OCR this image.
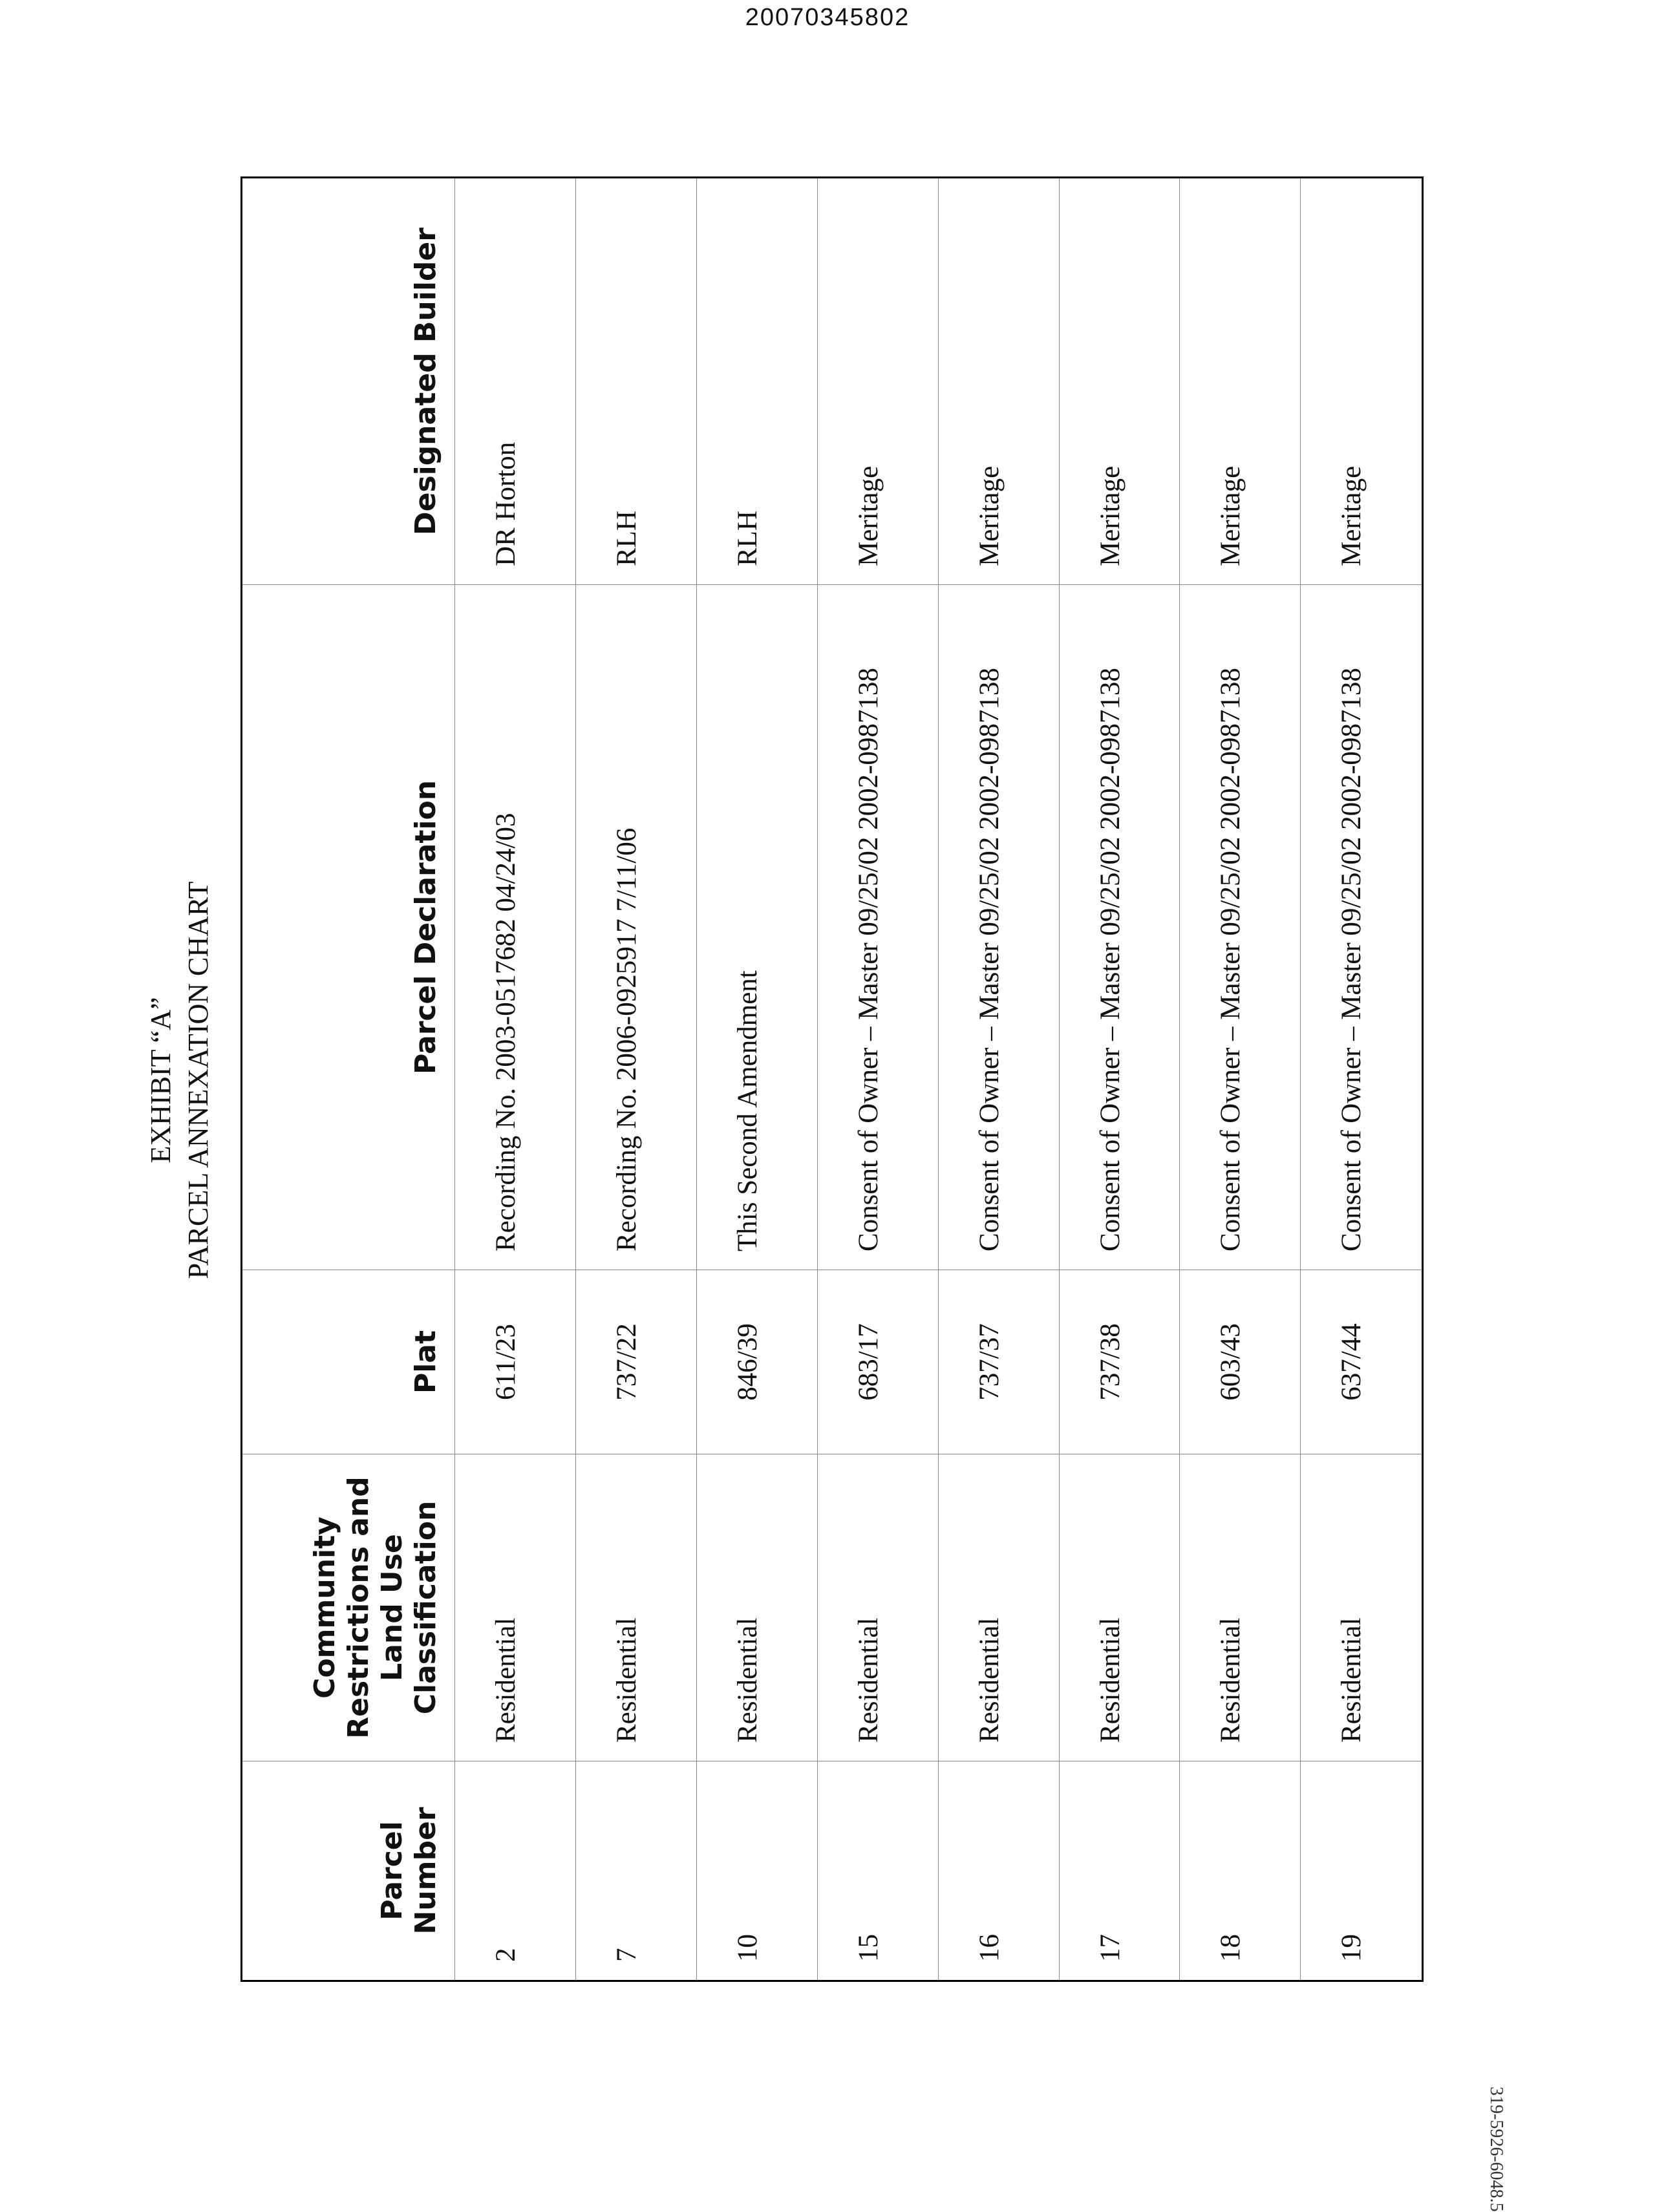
20070345802
EXHIBIT “A” PARCEL ANNEXATION CHART
Parcel Number	Community Restrictions and Land Use Classification	Plat	Parcel Declaration	Designated Builder
2	Residential	611/23	Recording No. 2003-0517682 04/24/03	DR Horton
7	Residential	737/22	Recording No. 2006-0925917 7/11/06	RLH
10	Residential	846/39	This Second Amendment	RLH
15	Residential	683/17	Consent of Owner – Master 09/25/02 2002-0987138	Meritage
16	Residential	737/37	Consent of Owner – Master 09/25/02 2002-0987138	Meritage
17	Residential	737/38	Consent of Owner – Master 09/25/02 2002-0987138	Meritage
18	Residential	603/43	Consent of Owner – Master 09/25/02 2002-0987138	Meritage
19	Residential	637/44	Consent of Owner – Master 09/25/02 2002-0987138	Meritage
319-5926-6048.5
